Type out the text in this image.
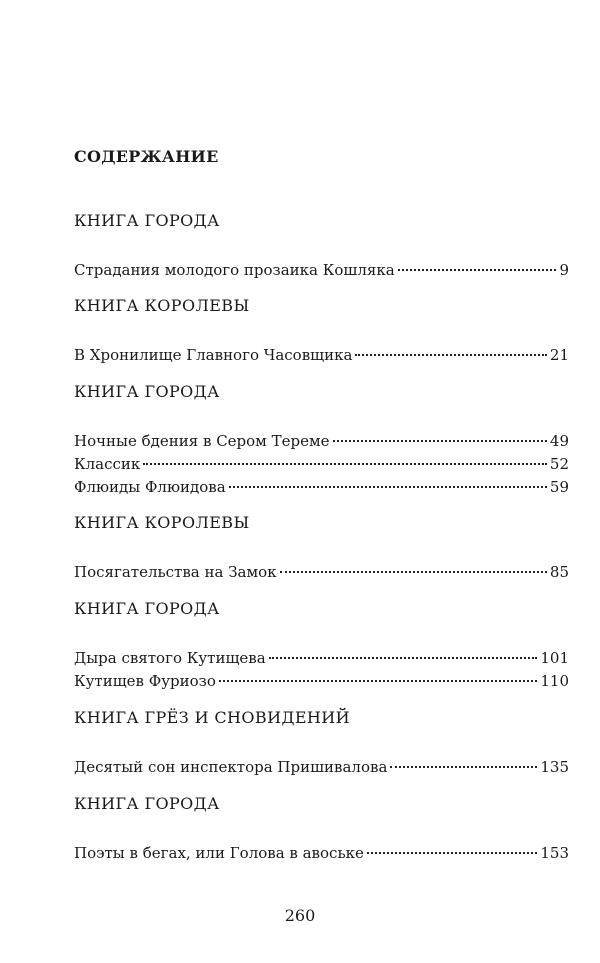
СОДЕРЖАНИЕ
КНИГА ГОРОДА
Страдания молодого прозаика Кошляка	9
КНИГА КОРОЛЕВЫ
В Хронилище Главного Часовщика	21
КНИГА ГОРОДА
Ночные бдения в Сером Тереме	49
Классик	52
Флюиды Флюидова	59
КНИГА КОРОЛЕВЫ
Посягательства на Замок	85
КНИГА ГОРОДА
Дыра святого Кутищева	101
Кутищев Фуриозо	110
КНИГА ГРЁЗ И СНОВИДЕНИЙ
Десятый сон инспектора Пришивалова	135
КНИГА ГОРОДА
Поэты в бегах, или Голова в авоське	153
260
